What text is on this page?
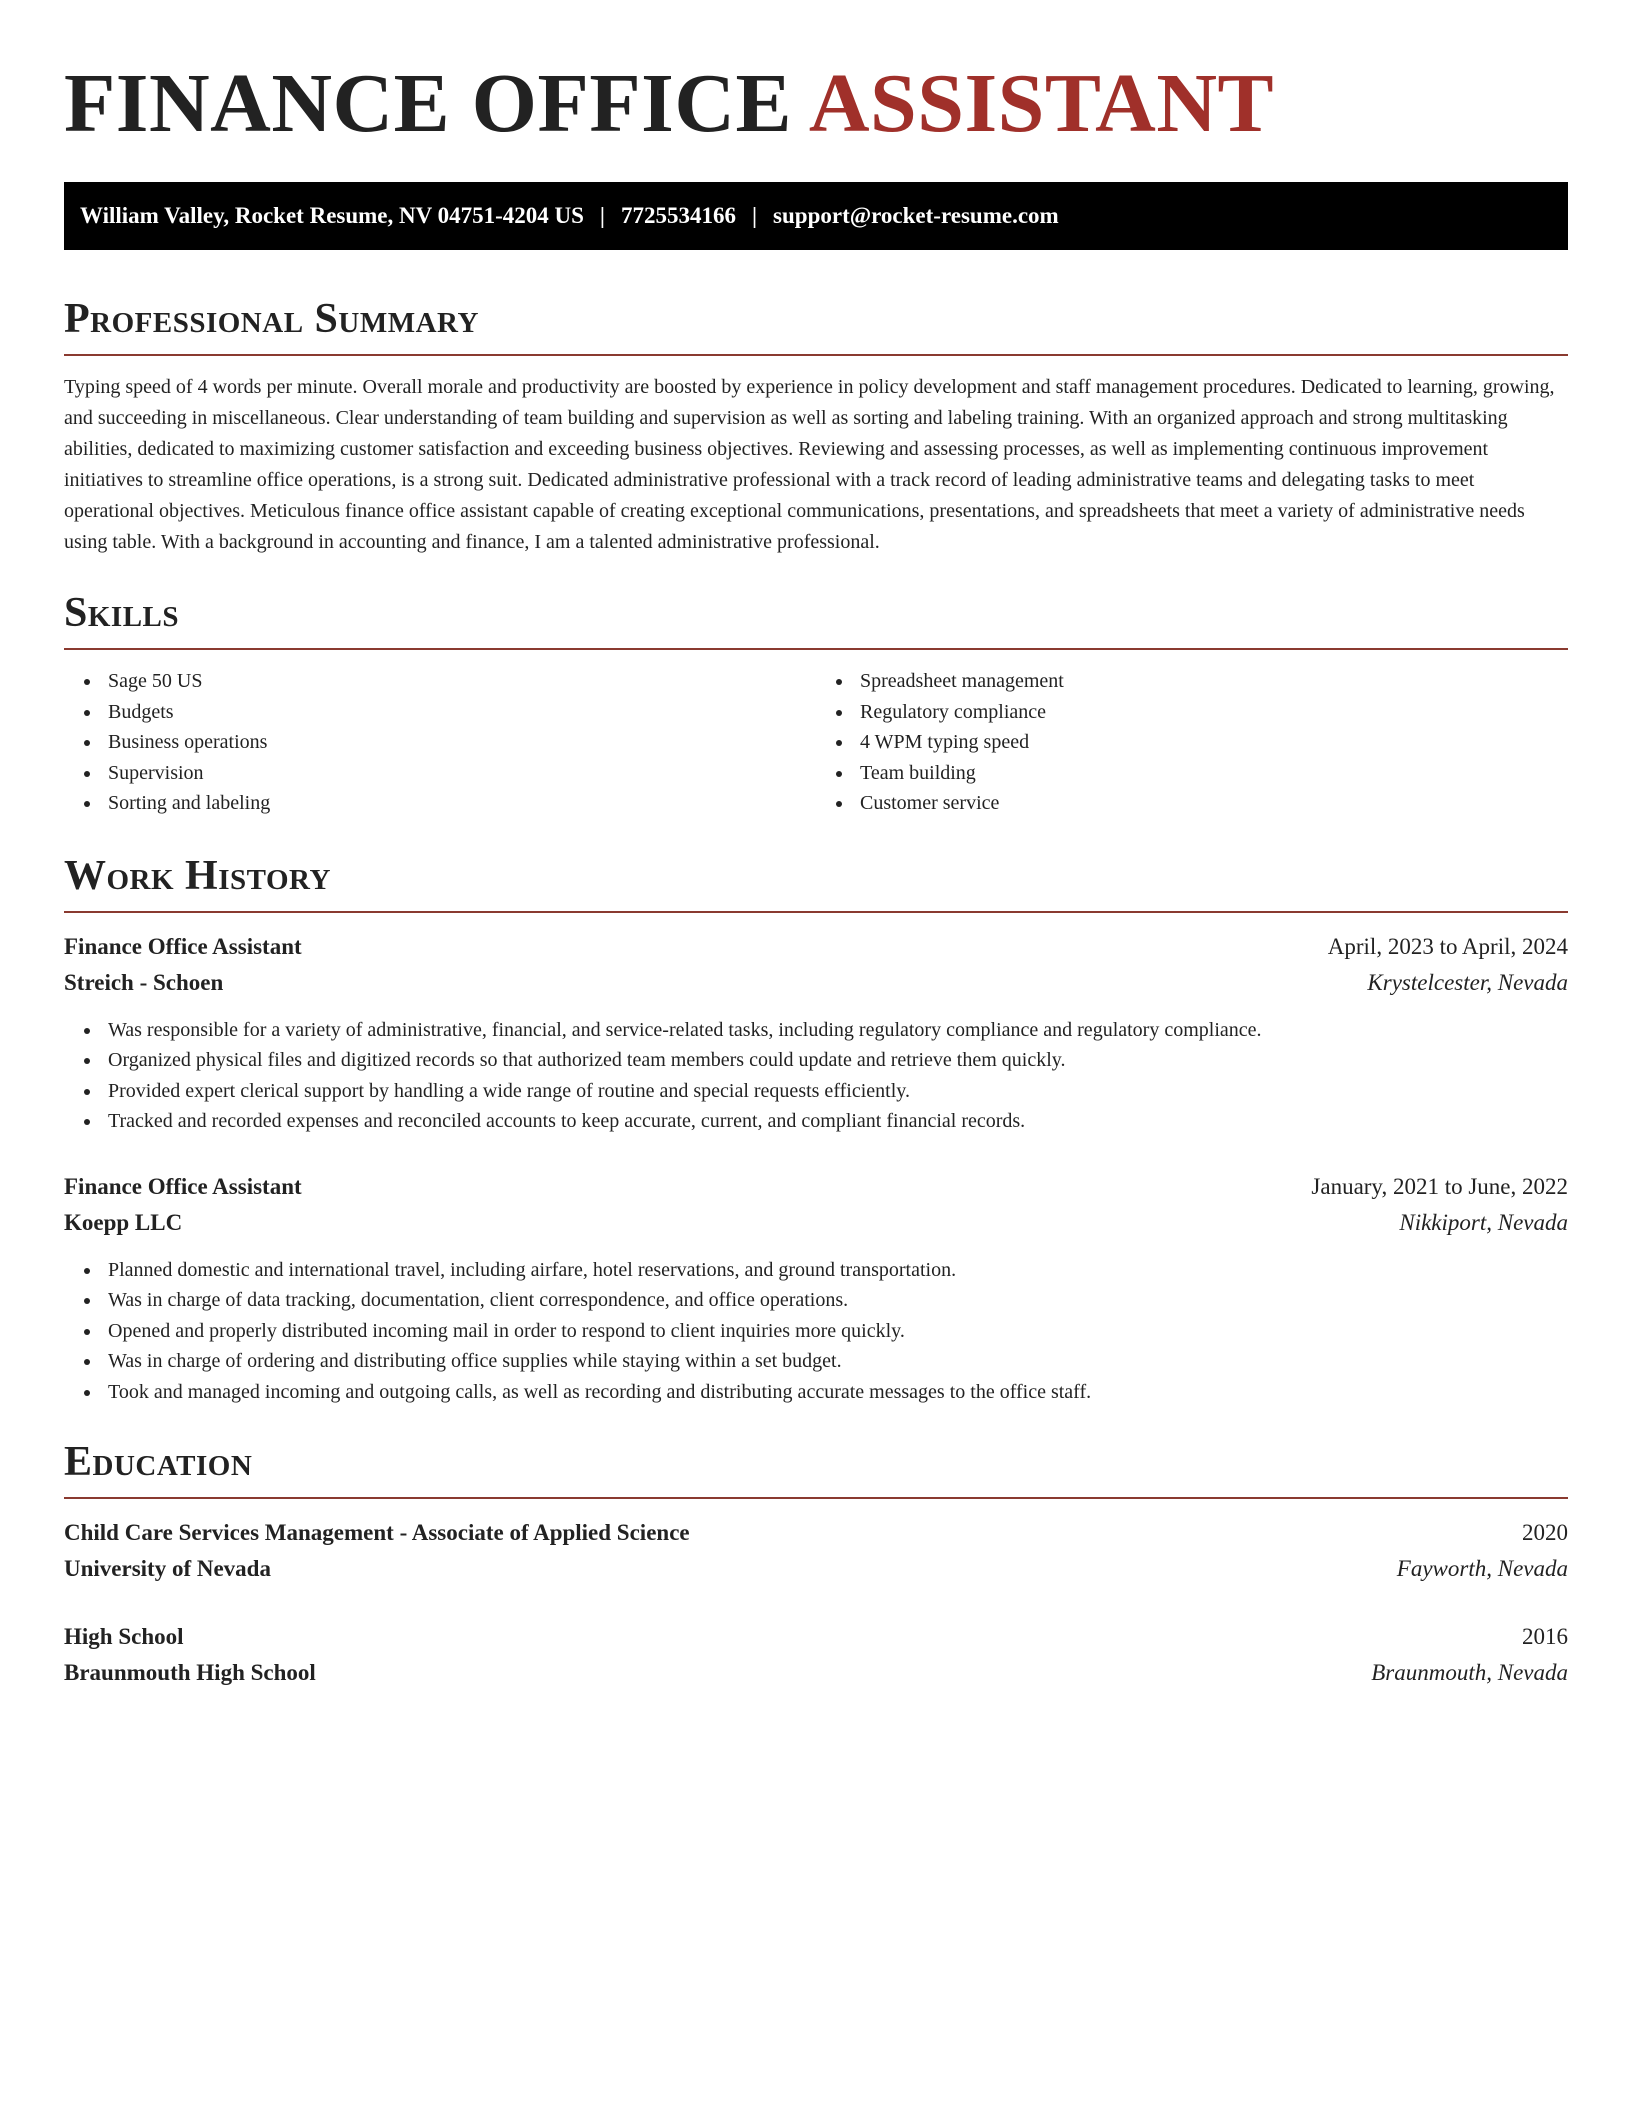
FINANCE OFFICE ASSISTANT
William Valley, Rocket Resume, NV 04751-4204 US | 7725534166 | support@rocket-resume.com
Professional Summary

Typing speed of 4 words per minute. Overall morale and productivity are boosted by experience in policy development and staff management procedures. Dedicated to learning, growing, and succeeding in miscellaneous. Clear understanding of team building and supervision as well as sorting and labeling training. With an organized approach and strong multitasking abilities, dedicated to maximizing customer satisfaction and exceeding business objectives. Reviewing and assessing processes, as well as implementing continuous improvement initiatives to streamline office operations, is a strong suit. Dedicated administrative professional with a track record of leading administrative teams and delegating tasks to meet operational objectives. Meticulous finance office assistant capable of creating exceptional communications, presentations, and spreadsheets that meet a variety of administrative needs using table. With a background in accounting and finance, I am a talented administrative professional.

Skills
Sage 50 US
Budgets
Business operations
Supervision
Sorting and labeling
Spreadsheet management
Regulatory compliance
4 WPM typing speed
Team building
Customer service
Work History
Finance Office Assistant	April, 2023 to April, 2024
Streich - Schoen	Krystelcester, Nevada
Was responsible for a variety of administrative, financial, and service-related tasks, including regulatory compliance and regulatory compliance.
Organized physical files and digitized records so that authorized team members could update and retrieve them quickly.
Provided expert clerical support by handling a wide range of routine and special requests efficiently.
Tracked and recorded expenses and reconciled accounts to keep accurate, current, and compliant financial records.
Finance Office Assistant	January, 2021 to June, 2022
Koepp LLC	Nikkiport, Nevada
Planned domestic and international travel, including airfare, hotel reservations, and ground transportation.
Was in charge of data tracking, documentation, client correspondence, and office operations.
Opened and properly distributed incoming mail in order to respond to client inquiries more quickly.
Was in charge of ordering and distributing office supplies while staying within a set budget.
Took and managed incoming and outgoing calls, as well as recording and distributing accurate messages to the office staff.
Education
Child Care Services Management - Associate of Applied Science	2020
University of Nevada	Fayworth, Nevada
High School	2016
Braunmouth High School	Braunmouth, Nevada
